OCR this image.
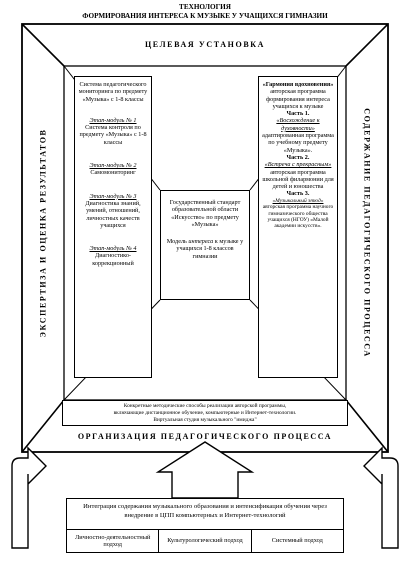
ТЕХНОЛОГИЯ
ФОРМИРОВАНИЯ ИНТЕРЕСА К МУЗЫКЕ У УЧАЩИХСЯ ГИМНАЗИИ
ЦЕЛЕВАЯ УСТАНОВКА
ЭКСПЕРТИЗА И ОЦЕНКА РЕЗУЛЬТАТОВ	СОДЕРЖАНИЕ ПЕДАГОГИЧЕСКОГО ПРОЦЕССА
ОРГАНИЗАЦИЯ ПЕДАГОГИЧЕСКОГО ПРОЦЕССА
Система педагогического мониторинга по предмету «Музыка» с 1-8 классы
Этап-модуль № 1
Система контроля по предмету «Музыка» с 1-8 классы
Этап-модуль № 2
Самомониторинг
Этап-модуль № 3
Диагностика знаний, умений, отношений, личностных качеств учащихся
Этап-модуль № 4
Диагностико-коррекционный
Государственный стандарт образовательной области «Искусство» по предмету «Музыка»
Модель интереса к музыке у учащихся 1-8 классов гимназии
«Гармония вдохновения»
авторская программа формирования интереса учащихся к музыке
Часть 1.
«Восхождение к духовности»
адаптированная программа по учебному предмету «Музыка».
Часть 2.
«Встреча с прекрасным»
авторская программа школьной филармонии для детей и юношества
Часть 3.
«Музыкальный этюд»
авторская программа научного гимназического общества учащихся (НГОУ) «Малой академии искусств».
Конкретные методические способы реализации авторской программы,
включающие дистанционное обучение, компьютерные и Интернет-технологии.
Виртуальная студия музыкального "имиджа"
Интеграция содержания музыкального образования и интенсификация обучения через внедрение в ЦПП компьютерных и Интернет-технологий
Личностно-деятельностный подход
Культурологический подход	Системный подход
